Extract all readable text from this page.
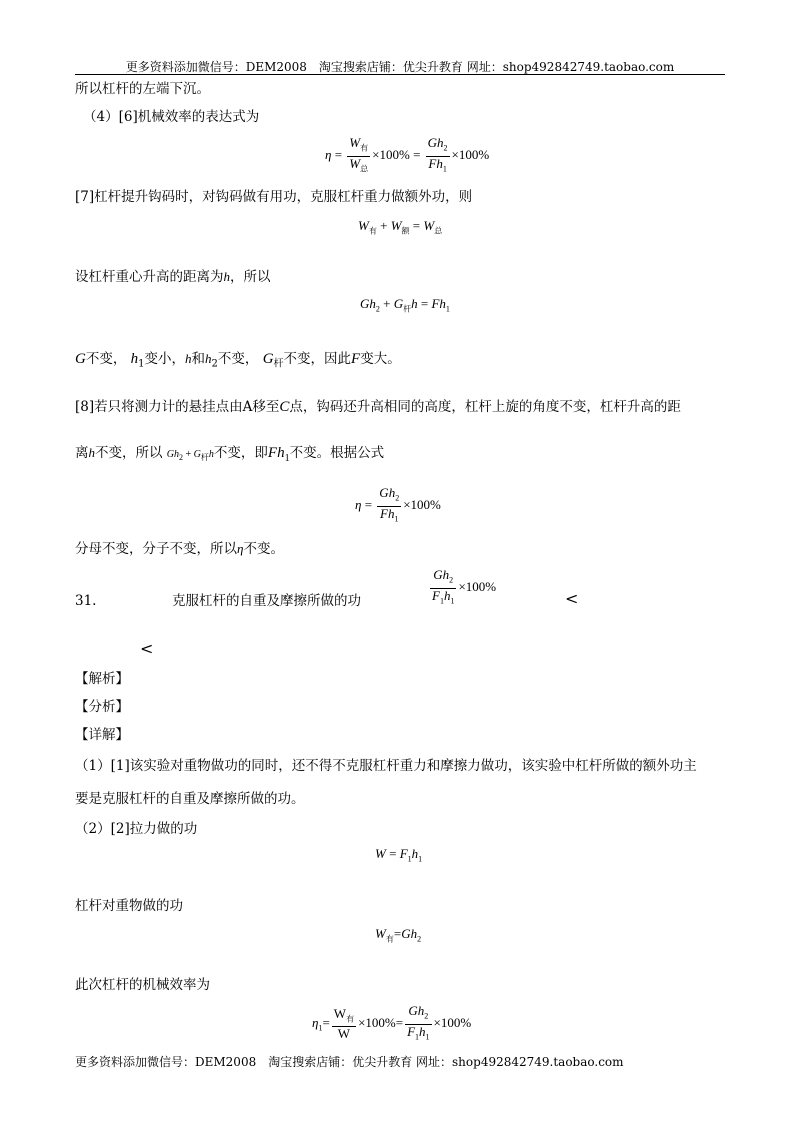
更多资料添加微信号：DEM2008　淘宝搜索店铺：优尖升教育 网址：shop492842749.taobao.com
所以杠杆的左端下沉。
（4）[6]机械效率的表达式为
$\eta = \frac{W_有}{W_总} \times 100\% = \frac{Gh_2}{Fh_1} \times 100\%$
[7]杠杆提升钩码时，对钩码做有用功，克服杠杆重力做额外功，则
$W_有 + W_额 = W_总$
设杠杆重心升高的距离为h，所以
$Gh_2 + G_杆h = Fh_1$
G不变， $h_1$变小，h和$h_2$不变， $G_杆$不变，因此F变大。
[8]若只将测力计的悬挂点由A移至C点，钩码还升高相同的高度，杠杆上旋的角度不变，杠杆升高的距
离h不变，所以 $Gh_2 + G_杆h$不变，即$Fh_1$不变。根据公式
$\eta = \frac{Gh_2}{Fh_1} \times 100\%$
分母不变，分子不变，所以η不变。
31.	克服杠杆的自重及摩擦所做的功	$\frac{Gh_2}{F_1h_1} \times 100\%$
<
<
【解析】
【分析】
【详解】
（1）[1]该实验对重物做功的同时，还不得不克服杠杆重力和摩擦力做功，该实验中杠杆所做的额外功主
要是克服杠杆的自重及摩擦所做的功。
（2）[2]拉力做的功
$W = F_1h_1$
杠杆对重物做的功
$W_有=Gh_2$
此次杠杆的机械效率为
$\eta_1= \frac{W_有}{W} \times 100\%= \frac{Gh_2}{F_1h_1} \times 100\%$
更多资料添加微信号：DEM2008　淘宝搜索店铺：优尖升教育 网址：shop492842749.taobao.com
